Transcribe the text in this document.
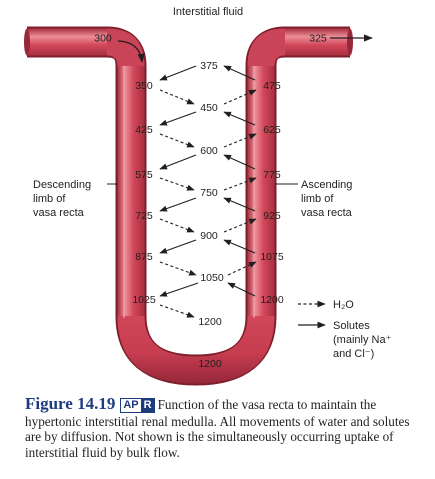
Interstitial fluid
300
350
425
575
725
875
1025
325
475
625
775
925
1075
1200
375
450
600
750
900
1050
1200
1200
Descending
limb of
vasa recta
Ascending
limb of
vasa recta
H₂O
Solutes
(mainly Na⁺
and Cl⁻)
Figure 14.19 AP R Function of the vasa recta to maintain the hypertonic interstitial renal medulla. All movements of water and solutes are by diffusion. Not shown is the simultaneously occurring uptake of interstitial fluid by bulk flow.
